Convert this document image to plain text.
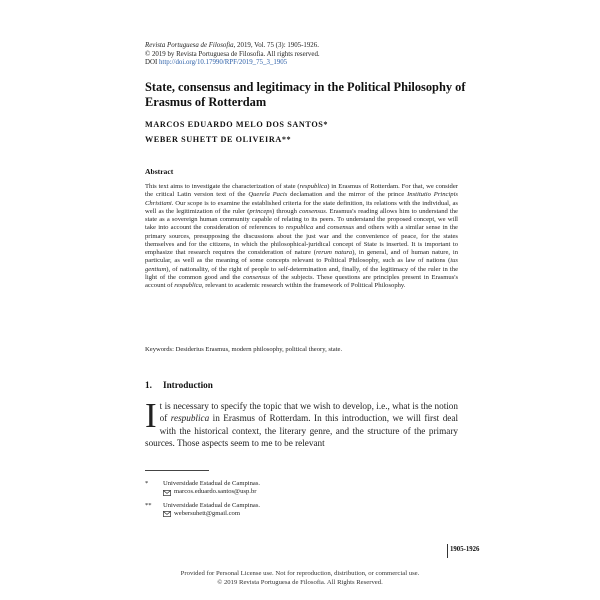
Revista Portuguesa de Filosofia, 2019, Vol. 75 (3): 1905-1926.
© 2019 by Revista Portuguesa de Filosofia. All rights reserved.
DOI http://doi.org/10.17990/RPF/2019_75_3_1905
State, consensus and legitimacy in the Political Philosophy of Erasmus of Rotterdam
MARCOS EDUARDO MELO DOS SANTOS*
WEBER SUHETT DE OLIVEIRA**
Abstract

This text aims to investigate the characterization of state (respublica) in Erasmus of Rotterdam. For that, we consider the critical Latin version text of the Querela Pacis declamation and the mirror of the prince Institutio Principis Christiani. Our scope is to examine the established criteria for the state definition, its relations with the individual, as well as the legitimization of the ruler (princeps) through consensus. Erasmus's reading allows him to understand the state as a sovereign human community capable of relating to its peers. To understand the proposed concept, we will take into account the consideration of references to respublica and consensus and others with a similar sense in the primary sources, presupposing the discussions about the just war and the convenience of peace, for the states themselves and for the citizens, in which the philosophical-juridical concept of State is inserted. It is important to emphasize that research requires the consideration of nature (rerum natura), in general, and of human nature, in particular, as well as the meaning of some concepts relevant to Political Philosophy, such as law of nations (ius gentium), of nationality, of the right of people to self-determination and, finally, of the legitimacy of the ruler in the light of the common good and the consensus of the subjects. These questions are principles present in Erasmus's account of respublica, relevant to academic research within the framework of Political Philosophy.

Keywords: Desiderius Erasmus, modern philosophy, political theory, state.
1. Introduction

It is necessary to specify the topic that we wish to develop, i.e., what is the notion of respublica in Erasmus of Rotterdam. In this introduction, we will first deal with the historical context, the literary genre, and the structure of the primary sources. Those aspects seem to me to be relevant

* Universidade Estadual de Campinas.
marcos.eduardo.santos@usp.br
** Universidade Estadual de Campinas.
webersuhett@gmail.com
1905-1926
Provided for Personal License use. Not for reproduction, distribution, or commercial use.
© 2019 Revista Portuguesa de Filosofia. All Rights Reserved.
